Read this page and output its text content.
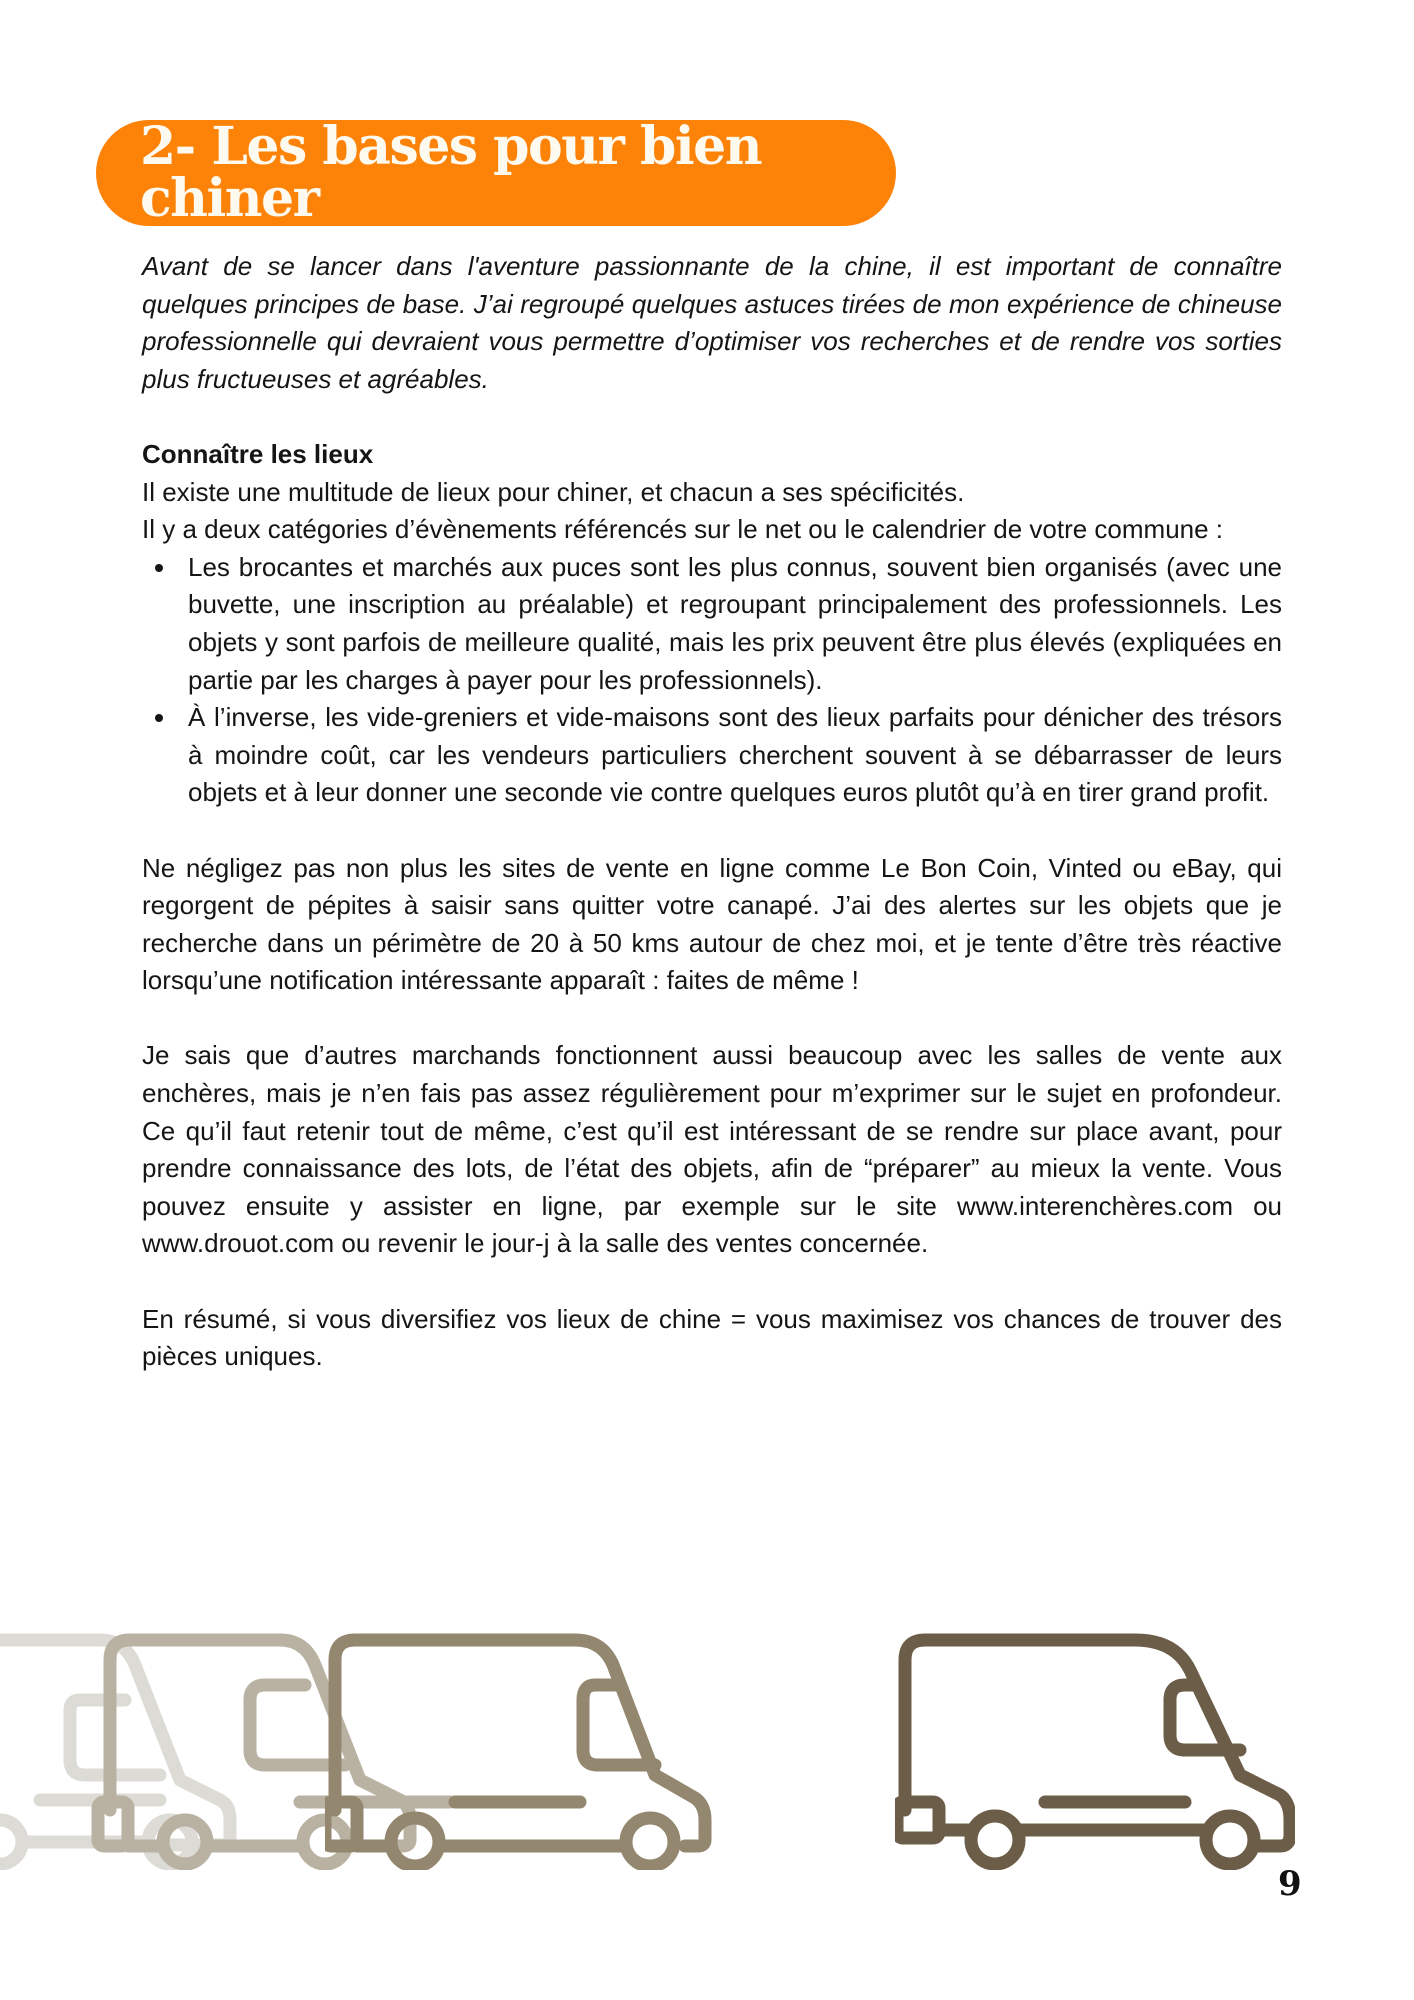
2- Les bases pour bien chiner

Avant de se lancer dans l'aventure passionnante de la chine, il est important de connaître quelques principes de base. J’ai regroupé quelques astuces tirées de mon expérience de chineuse professionnelle qui devraient vous permettre d’optimiser vos recherches et de rendre vos sorties plus fructueuses et agréables.

Connaître les lieux

Il existe une multitude de lieux pour chiner, et chacun a ses spécificités.

Il y a deux catégories d’évènements référencés sur le net ou le calendrier de votre commune :

Les brocantes et marchés aux puces sont les plus connus, souvent bien organisés (avec une buvette, une inscription au préalable) et regroupant principalement des professionnels. Les objets y sont parfois de meilleure qualité, mais les prix peuvent être plus élevés (expliquées en partie par les charges à payer pour les professionnels).
À l’inverse, les vide-greniers et vide-maisons sont des lieux parfaits pour dénicher des trésors à moindre coût, car les vendeurs particuliers cherchent souvent à se débarrasser de leurs objets et à leur donner une seconde vie contre quelques euros plutôt qu’à en tirer grand profit.

Ne négligez pas non plus les sites de vente en ligne comme Le Bon Coin, Vinted ou eBay, qui regorgent de pépites à saisir sans quitter votre canapé. J’ai des alertes sur les objets que je recherche dans un périmètre de 20 à 50 kms autour de chez moi, et je tente d’être très réactive lorsqu’une notification intéressante apparaît : faites de même !

Je sais que d’autres marchands fonctionnent aussi beaucoup avec les salles de vente aux enchères, mais je n’en fais pas assez régulièrement pour m’exprimer sur le sujet en profondeur. Ce qu’il faut retenir tout de même, c’est qu’il est intéressant de se rendre sur place avant, pour prendre connaissance des lots, de l’état des objets, afin de “préparer” au mieux la vente. Vous pouvez ensuite y assister en ligne, par exemple sur le site www.interenchères.com ou www.drouot.com ou revenir le jour-j à la salle des ventes concernée.

En résumé, si vous diversifiez vos lieux de chine = vous maximisez vos chances de trouver des pièces uniques.

9
